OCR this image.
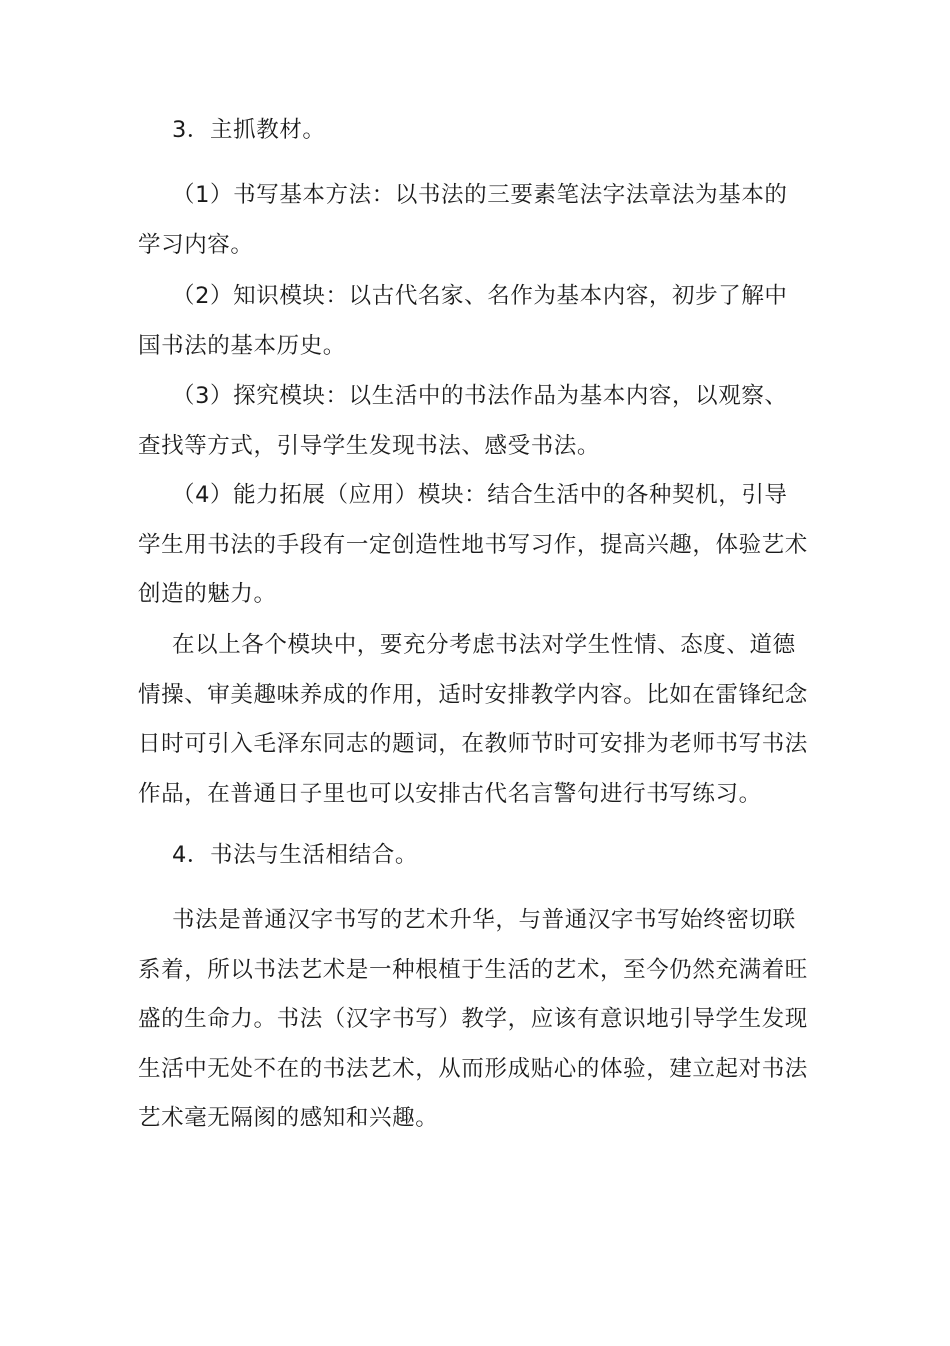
3．主抓教材。

（1）书写基本方法：以书法的三要素笔法字法章法为基本的学习内容。

（2）知识模块：以古代名家、名作为基本内容，初步了解中国书法的基本历史。

（3）探究模块：以生活中的书法作品为基本内容，以观察、查找等方式，引导学生发现书法、感受书法。

（4）能力拓展（应用）模块：结合生活中的各种契机，引导学生用书法的手段有一定创造性地书写习作，提高兴趣，体验艺术创造的魅力。

在以上各个模块中，要充分考虑书法对学生性情、态度、道德情操、审美趣味养成的作用，适时安排教学内容。比如在雷锋纪念日时可引入毛泽东同志的题词，在教师节时可安排为老师书写书法作品，在普通日子里也可以安排古代名言警句进行书写练习。

4．书法与生活相结合。

书法是普通汉字书写的艺术升华，与普通汉字书写始终密切联系着，所以书法艺术是一种根植于生活的艺术，至今仍然充满着旺盛的生命力。书法（汉字书写）教学，应该有意识地引导学生发现生活中无处不在的书法艺术，从而形成贴心的体验，建立起对书法艺术毫无隔阂的感知和兴趣。
